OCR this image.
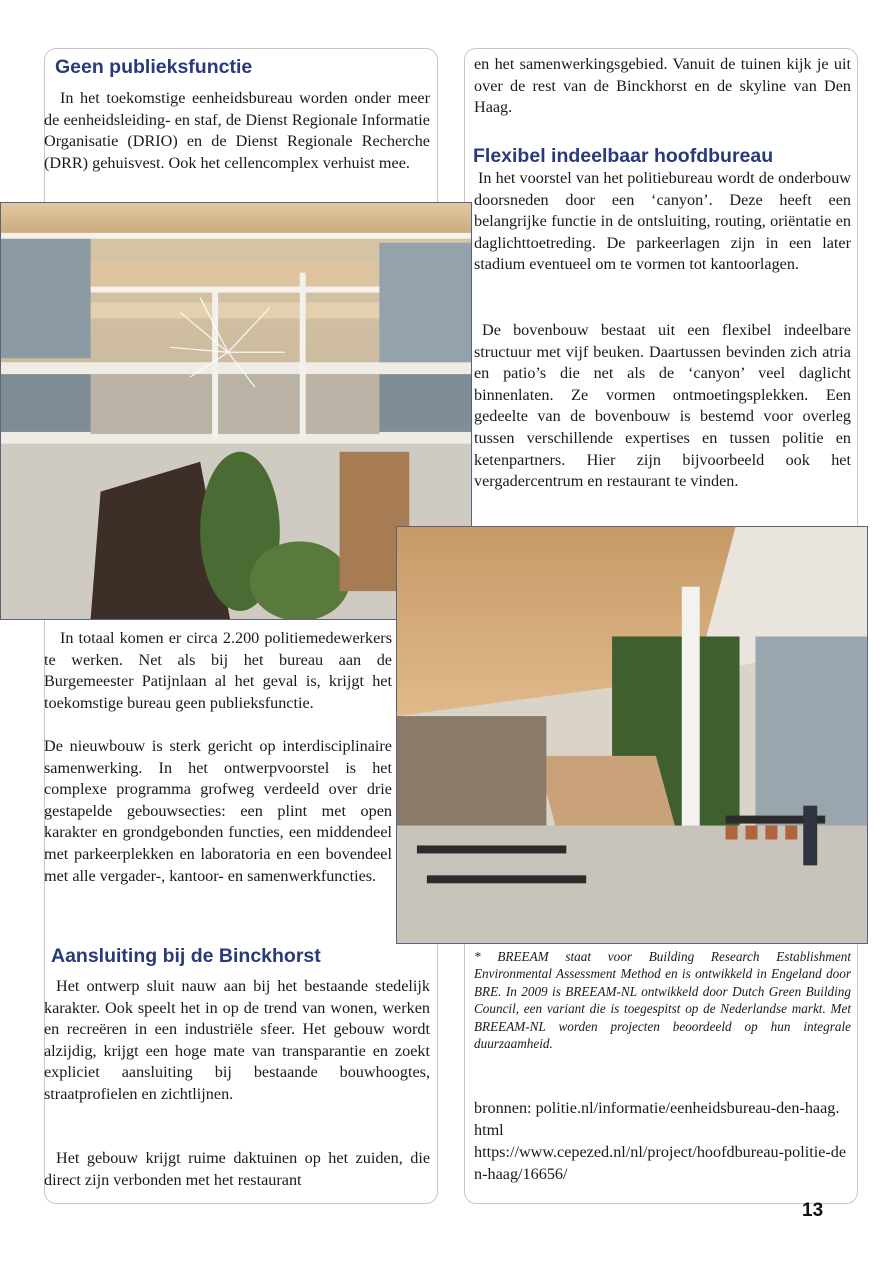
Geen publieksfunctie

In het toekomstige eenheidsbureau worden onder meer de eenheidsleiding- en staf, de Dienst Regionale Informatie Organisatie (DRIO) en de Dienst Regionale Recherche (DRR) gehuisvest. Ook het cellencomplex verhuist mee.

In totaal komen er circa 2.200 politiemedewerkers te werken. Net als bij het bureau aan de Burgemeester Patijnlaan al het geval is, krijgt het toekomstige bureau geen publieksfunctie.

De nieuwbouw is sterk gericht op interdisciplinaire samenwerking. In het ontwerpvoorstel is het complexe programma grofweg verdeeld over drie gestapelde gebouwsecties: een plint met open karakter en grondgebonden functies, een middendeel met parkeerplekken en laboratoria en een bovendeel met alle vergader-, kantoor- en samenwerkfuncties.

Aansluiting bij de Binckhorst

Het ontwerp sluit nauw aan bij het bestaande stedelijk karakter. Ook speelt het in op de trend van wonen, werken en recreëren in een industriële sfeer. Het gebouw wordt alzijdig, krijgt een hoge mate van transparantie en zoekt expliciet aansluiting bij bestaande bouwhoogtes, straatprofielen en zichtlijnen.

Het gebouw krijgt ruime daktuinen op het zuiden, die direct zijn verbonden met het restaurant

en het samenwerkingsgebied. Vanuit de tuinen kijk je uit over de rest van de Binckhorst en de skyline van Den Haag.

Flexibel indeelbaar hoofdbureau

In het voorstel van het politiebureau wordt de onderbouw doorsneden door een ‘canyon’. Deze heeft een belangrijke functie in de ontsluiting, routing, oriëntatie en daglichttoetreding. De parkeerlagen zijn in een later stadium eventueel om te vormen tot kantoorlagen.

De bovenbouw bestaat uit een flexibel indeelbare structuur met vijf beuken. Daartussen bevinden zich atria en patio’s die net als de ‘canyon’ veel daglicht binnenlaten. Ze vormen ontmoetingsplekken. Een gedeelte van de bovenbouw is bestemd voor overleg tussen verschillende expertises en tussen politie en ketenpartners. Hier zijn bijvoorbeeld ook het vergadercentrum en restaurant te vinden.

* BREEAM staat voor Building Research Establishment Environmental Assessment Method en is ontwikkeld in Engeland door BRE. In 2009 is BREEAM-NL ontwikkeld door Dutch Green Building Council, een variant die is toegespitst op de Nederlandse markt. Met BREEAM-NL worden projecten beoordeeld op hun integrale duurzaamheid.

bronnen: politie.nl/informatie/eenheidsbureau-den-haag.html

https://www.cepezed.nl/nl/project/hoofdbureau-politie-den-haag/16656/

13
